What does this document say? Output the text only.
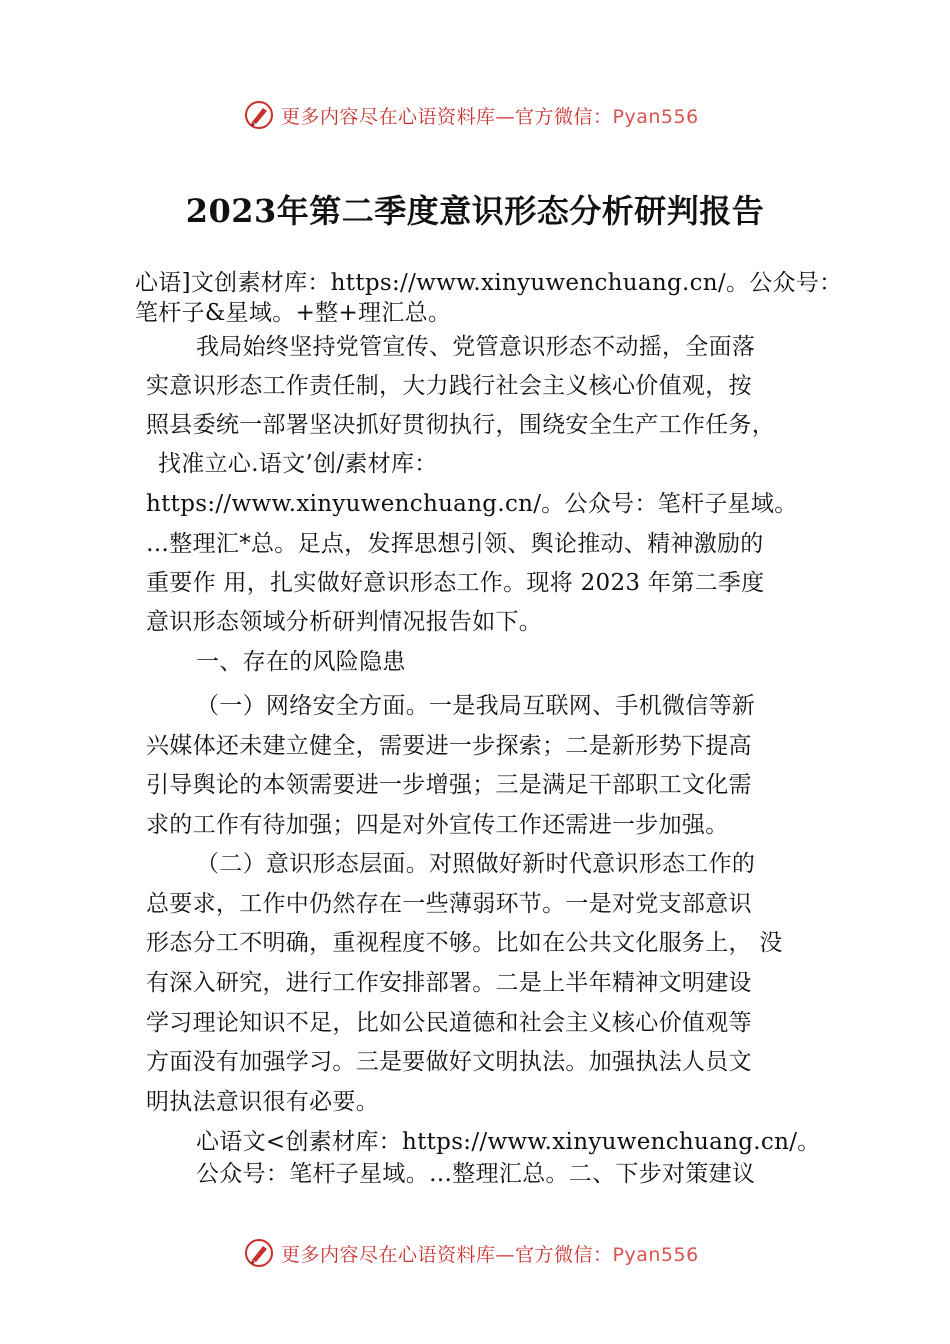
更多内容尽在心语资料库—官方微信：Pyan556
2023年第二季度意识形态分析研判报告
心语]文创素材库：https://www.xinyuwenchuang.cn/。公众号：
笔杆子&星域。+整+理汇总。
我局始终坚持党管宣传、党管意识形态不动摇，全面落
实意识形态工作责任制，大力践行社会主义核心价值观，按
照县委统一部署坚决抓好贯彻执行，围绕安全生产工作任务，
找准立心.语文’创/素材库：
https://www.xinyuwenchuang.cn/。公众号：笔杆子星域。
…整理汇*总。足点，发挥思想引领、舆论推动、精神激励的
重要作 用，扎实做好意识形态工作。现将 2023 年第二季度
意识形态领域分析研判情况报告如下。
一、存在的风险隐患
（一）网络安全方面。一是我局互联网、手机微信等新
兴媒体还未建立健全，需要进一步探索；二是新形势下提高
引导舆论的本领需要进一步增强；三是满足干部职工文化需
求的工作有待加强；四是对外宣传工作还需进一步加强。
（二）意识形态层面。对照做好新时代意识形态工作的
总要求，工作中仍然存在一些薄弱环节。一是对党支部意识
形态分工不明确，重视程度不够。比如在公共文化服务上， 没
有深入研究，进行工作安排部署。二是上半年精神文明建设
学习理论知识不足，比如公民道德和社会主义核心价值观等
方面没有加强学习。三是要做好文明执法。加强执法人员文
明执法意识很有必要。
心语文<创素材库：https://www.xinyuwenchuang.cn/。
公众号：笔杆子星域。…整理汇总。二、下步对策建议
更多内容尽在心语资料库—官方微信：Pyan556
